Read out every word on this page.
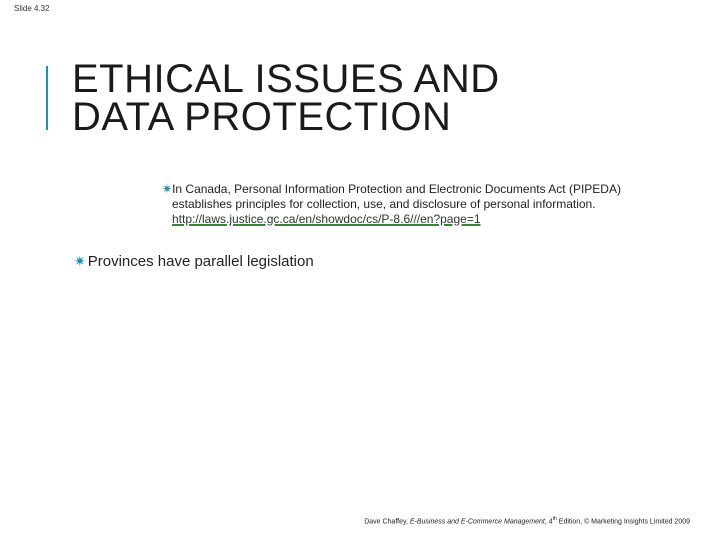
Slide 4.32
ETHICAL ISSUES AND
DATA PROTECTION
✷In Canada, Personal Information Protection and Electronic Documents Act (PIPEDA)
establishes principles for collection, use, and disclosure of personal information.
http://laws.justice.gc.ca/en/showdoc/cs/P-8.6///en?page=1
✷ Provinces have parallel legislation
Dave Chaffey, E-Business and E-Commerce Management, 4th Edition, © Marketing Insights Limited 2009
